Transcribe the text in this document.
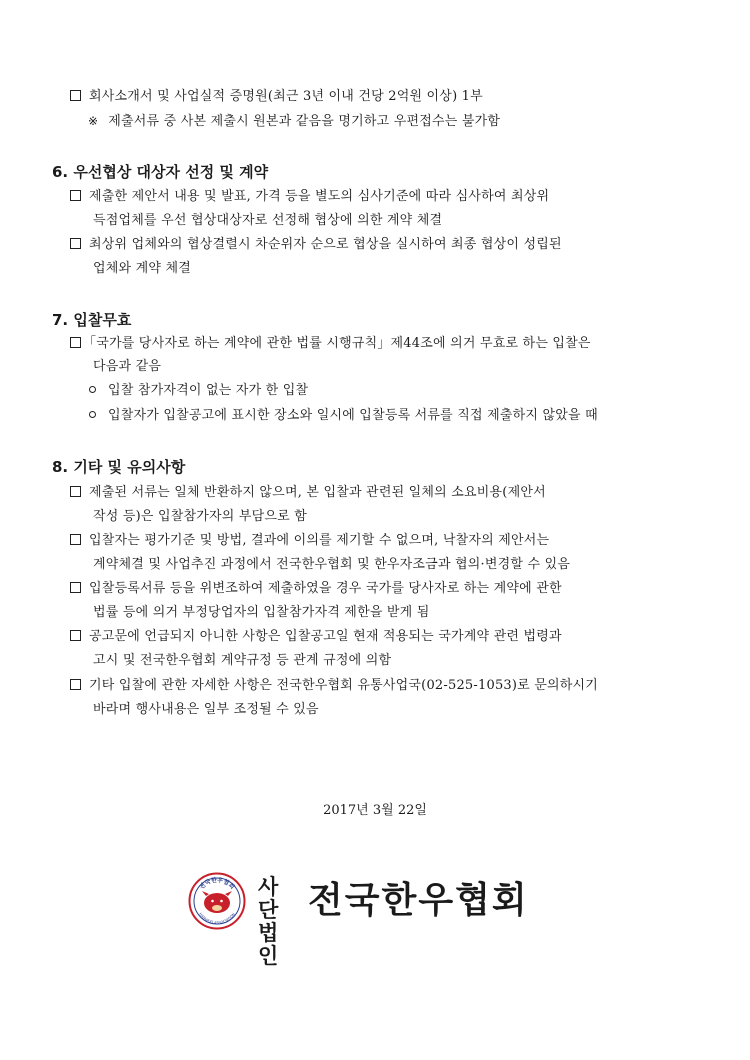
회사소개서 및 사업실적 증명원(최근 3년 이내 건당 2억원 이상) 1부
※ 제출서류 중 사본 제출시 원본과 같음을 명기하고 우편접수는 불가함
6. 우선협상 대상자 선정 및 계약
제출한 제안서 내용 및 발표, 가격 등을 별도의 심사기준에 따라 심사하여 최상위
득점업체를 우선 협상대상자로 선정해 협상에 의한 계약 체결
최상위 업체와의 협상결렬시 차순위자 순으로 협상을 실시하여 최종 협상이 성립된
업체와 계약 체결
7. 입찰무효
「국가를 당사자로 하는 계약에 관한 법률 시행규칙」제44조에 의거 무효로 하는 입찰은
다음과 같음
입찰 참가자격이 없는 자가 한 입찰
입찰자가 입찰공고에 표시한 장소와 일시에 입찰등록 서류를 직접 제출하지 않았을 때
8. 기타 및 유의사항
제출된 서류는 일체 반환하지 않으며, 본 입찰과 관련된 일체의 소요비용(제안서
작성 등)은 입찰참가자의 부담으로 함
입찰자는 평가기준 및 방법, 결과에 이의를 제기할 수 없으며, 낙찰자의 제안서는
계약체결 및 사업추진 과정에서 전국한우협회 및 한우자조금과 협의·변경할 수 있음
입찰등록서류 등을 위변조하여 제출하였을 경우 국가를 당사자로 하는 계약에 관한
법률 등에 의거 부정당업자의 입찰참가자격 제한을 받게 됨
공고문에 언급되지 아니한 사항은 입찰공고일 현재 적용되는 국가계약 관련 법령과
고시 및 전국한우협회 계약규정 등 관계 규정에 의함
기타 입찰에 관한 자세한 사항은 전국한우협회 유통사업국(02-525-1053)로 문의하시기
바라며 행사내용은 일부 조정될 수 있음
2017년 3월 22일
전국한우협회
HANWOO ASSOCIATION
사단
법인
전국한우협회
